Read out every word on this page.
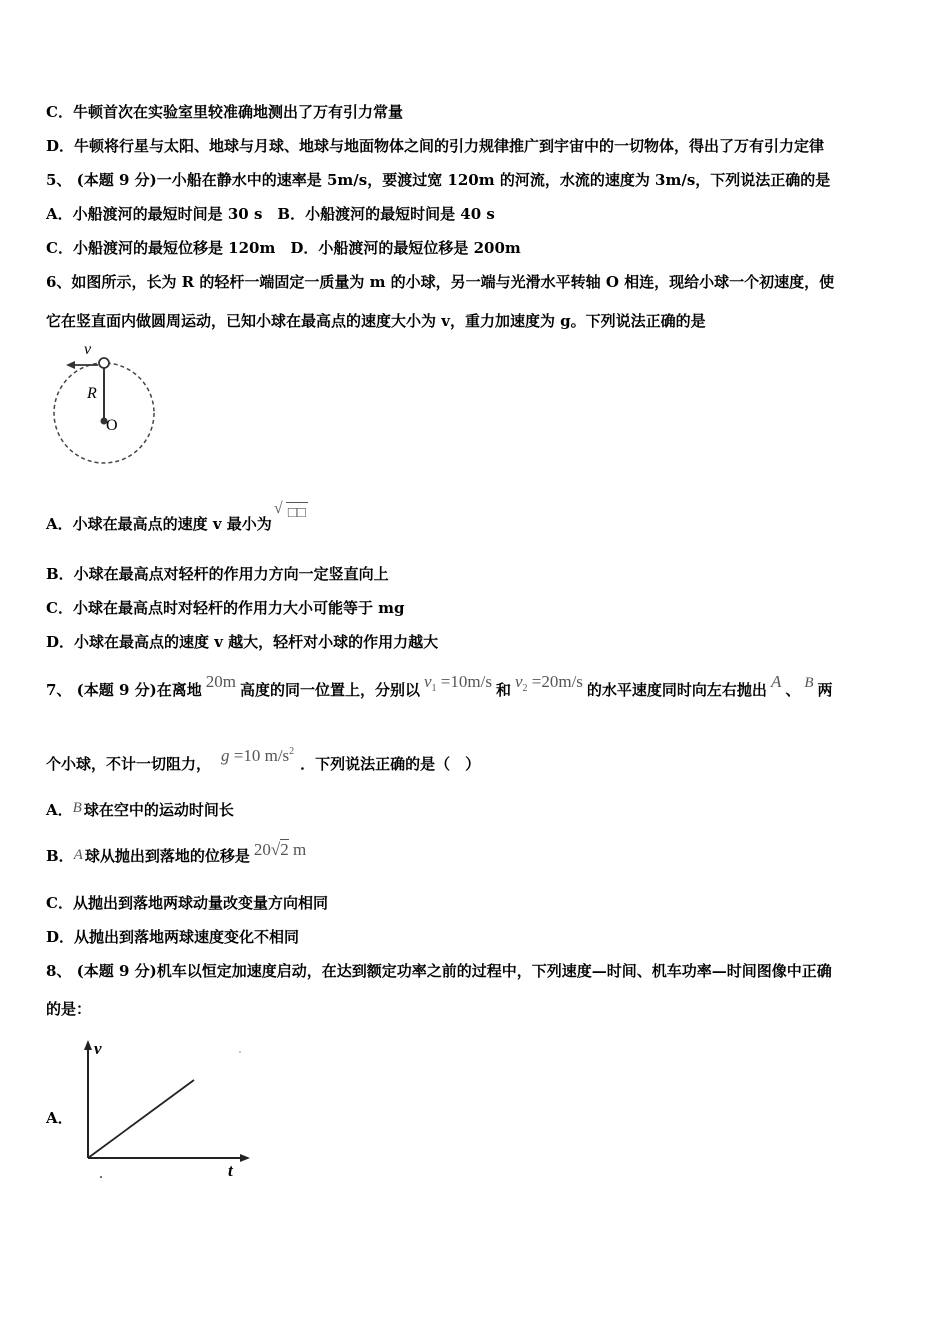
C．牛顿首次在实验室里较准确地测出了万有引力常量
D．牛顿将行星与太阳、地球与月球、地球与地面物体之间的引力规律推广到宇宙中的一切物体，得出了万有引力定律
5、 (本题 9 分)一小船在静水中的速率是 5m/s，要渡过宽 120m 的河流，水流的速度为 3m/s，下列说法正确的是
A．小船渡河的最短时间是 30 s　B．小船渡河的最短时间是 40 s
C．小船渡河的最短位移是 120m　D．小船渡河的最短位移是 200m
6、如图所示，长为 R 的轻杆一端固定一质量为 m 的小球，另一端与光滑水平转轴 O 相连，现给小球一个初速度，使
它在竖直面内做圆周运动，已知小球在最高点的速度大小为 v，重力加速度为 g。下列说法正确的是
v
R
O
A．小球在最高点的速度 v 最小为
√ □□
B．小球在最高点对轻杆的作用力方向一定竖直向上
C．小球在最高点时对轻杆的作用力大小可能等于 mg
D．小球在最高点的速度 v 越大，轻杆对小球的作用力越大
7、 (本题 9 分)在离地 20m 高度的同一位置上，分别以 $v_1 =10m/s$ 和 $v_2 =20m/s$ 的水平速度同时向左右抛出 A 、 B 两
个小球，不计一切阻力， g =10 $m/s^2$．下列说法正确的是（　）
A．B 球在空中的运动时间长
B．A 球从抛出到落地的位移是 20√2 m
C．从抛出到落地两球动量改变量方向相同
D．从抛出到落地两球速度变化不相同
8、 (本题 9 分)机车以恒定加速度启动，在达到额定功率之前的过程中，下列速度—时间、机车功率—时间图像中正确
的是：
A．
v
t
